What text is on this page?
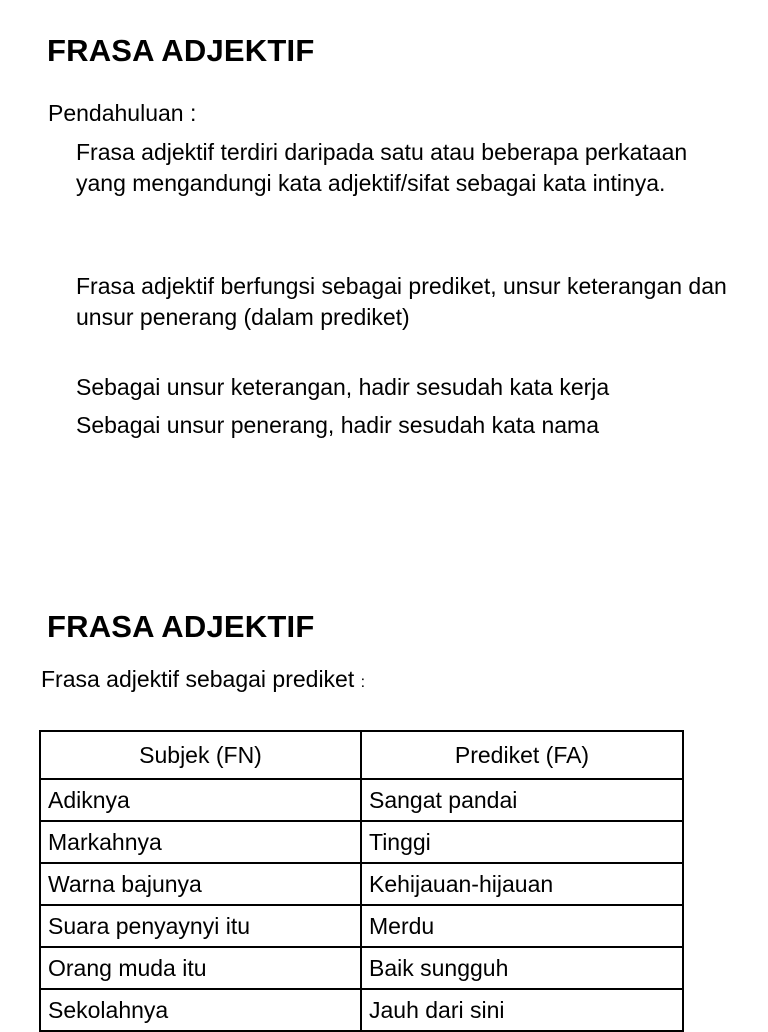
FRASA ADJEKTIF
Pendahuluan :

Frasa adjektif terdiri daripada satu atau beberapa perkataan yang mengandungi kata adjektif/sifat sebagai kata intinya.

Frasa adjektif berfungsi sebagai prediket, unsur keterangan dan unsur penerang (dalam prediket)

Sebagai unsur keterangan, hadir sesudah kata kerja

Sebagai unsur penerang, hadir sesudah kata nama

FRASA ADJEKTIF
Frasa adjektif sebagai prediket :
Subjek (FN)	Prediket (FA)
Adiknya	Sangat pandai
Markahnya	Tinggi
Warna bajunya	Kehijauan-hijauan
Suara penyaynyi itu	Merdu
Orang muda itu	Baik sungguh
Sekolahnya	Jauh dari sini
